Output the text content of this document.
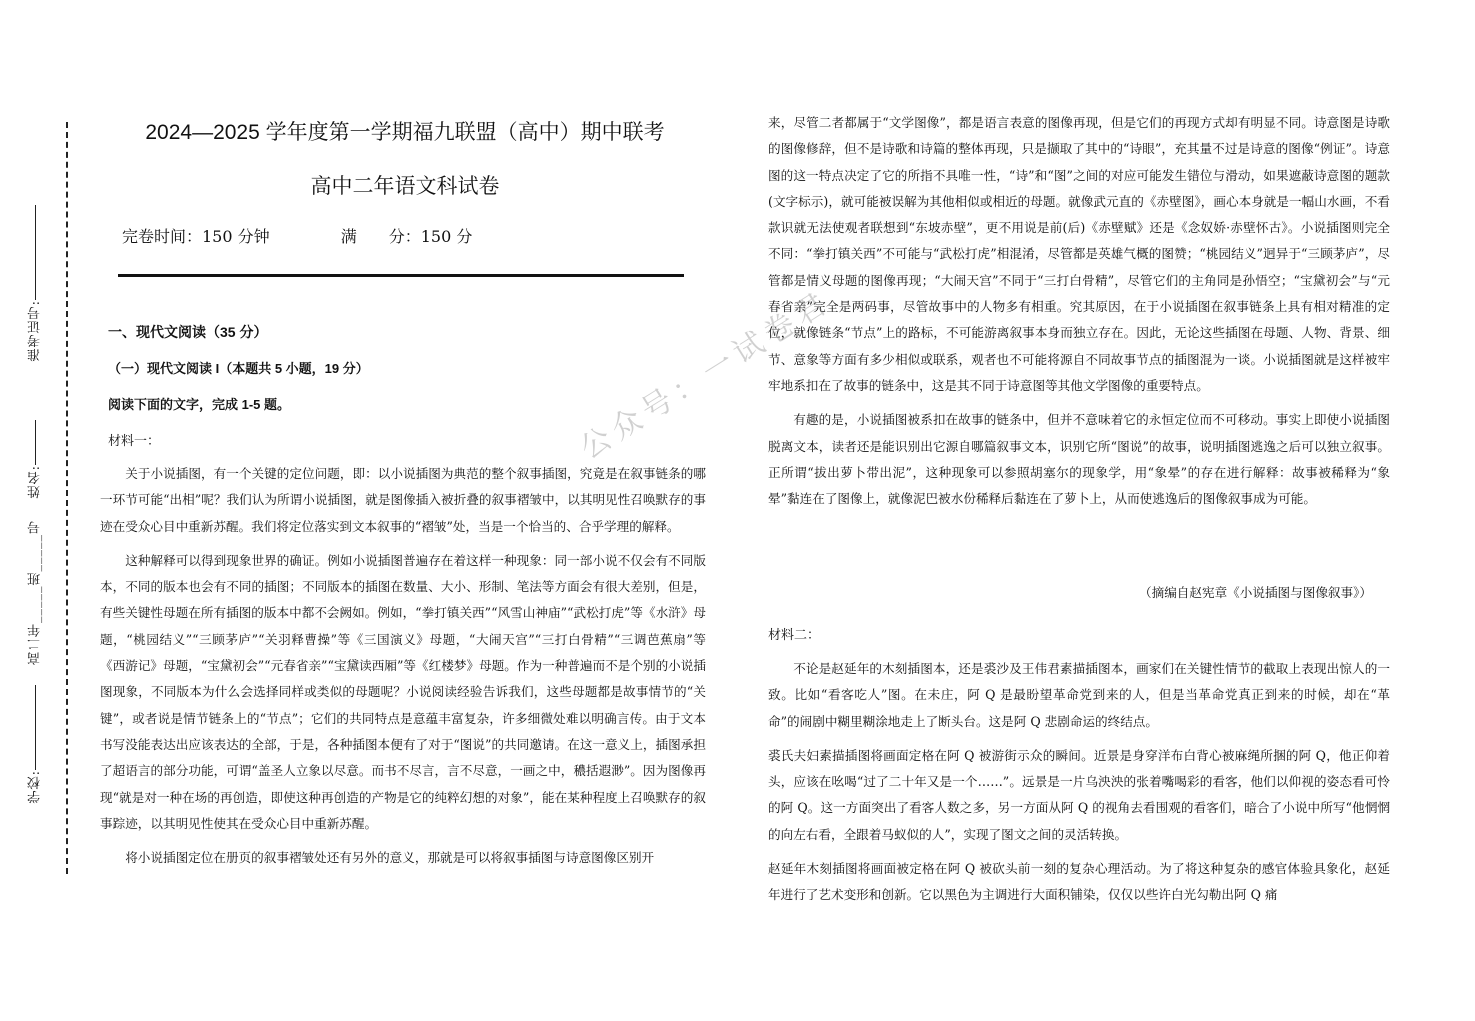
准考证号:
姓名:
高二年_____班_____号
学校:
2024—2025 学年度第一学期福九联盟（高中）期中联考
高中二年语文科试卷
完卷时间：150 分钟	满　　分：150 分
一、现代文阅读（35 分）
（一）现代文阅读 I（本题共 5 小题，19 分）
阅读下面的文字，完成 1-5 题。
材料一：

关于小说插图，有一个关键的定位问题，即：以小说插图为典范的整个叙事插图，究竟是在叙事链条的哪一环节可能“出相”呢？我们认为所谓小说插图，就是图像插入被折叠的叙事褶皱中，以其明见性召唤默存的事迹在受众心目中重新苏醒。我们将定位落实到文本叙事的“褶皱”处，当是一个恰当的、合乎学理的解释。

这种解释可以得到现象世界的确证。例如小说插图普遍存在着这样一种现象：同一部小说不仅会有不同版本，不同的版本也会有不同的插图；不同版本的插图在数量、大小、形制、笔法等方面会有很大差别，但是，有些关键性母题在所有插图的版本中都不会阙如。例如，“拳打镇关西”“风雪山神庙”“武松打虎”等《水浒》母题，“桃园结义”“三顾茅庐”“关羽释曹操”等《三国演义》母题，“大闹天宫”“三打白骨精”“三调芭蕉扇”等《西游记》母题，“宝黛初会”“元春省亲”“宝黛读西厢”等《红楼梦》母题。作为一种普遍而不是个别的小说插图现象，不同版本为什么会选择同样或类似的母题呢？小说阅读经验告诉我们，这些母题都是故事情节的“关键”，或者说是情节链条上的“节点”；它们的共同特点是意蕴丰富复杂，许多细微处难以明确言传。由于文本书写没能表达出应该表达的全部，于是，各种插图本便有了对于“图说”的共同邀请。在这一意义上，插图承担了超语言的部分功能，可谓“盖圣人立象以尽意。而书不尽言，言不尽意，一画之中，穠括遐渺”。因为图像再现“就是对一种在场的再创造，即使这种再创造的产物是它的纯粹幻想的对象”，能在某种程度上召唤默存的叙事踪迹，以其明见性使其在受众心目中重新苏醒。

将小说插图定位在册页的叙事褶皱处还有另外的意义，那就是可以将叙事插图与诗意图像区别开

来，尽管二者都属于“文学图像”，都是语言表意的图像再现，但是它们的再现方式却有明显不同。诗意图是诗歌的图像修辞，但不是诗歌和诗篇的整体再现，只是撷取了其中的“诗眼”，充其量不过是诗意的图像“例证”。诗意图的这一特点决定了它的所指不具唯一性，“诗”和“图”之间的对应可能发生错位与滑动，如果遮蔽诗意图的题款(文字标示)，就可能被误解为其他相似或相近的母题。就像武元直的《赤壁图》，画心本身就是一幅山水画，不看款识就无法使观者联想到“东坡赤壁”，更不用说是前(后)《赤壁赋》还是《念奴娇·赤壁怀古》。小说插图则完全不同：“拳打镇关西”不可能与“武松打虎”相混淆，尽管都是英雄气概的图赞；“桃园结义”迥异于“三顾茅庐”，尽管都是情义母题的图像再现；“大闹天宫”不同于“三打白骨精”，尽管它们的主角同是孙悟空；“宝黛初会”与“元春省亲”完全是两码事，尽管故事中的人物多有相重。究其原因，在于小说插图在叙事链条上具有相对精准的定位，就像链条“节点”上的路标，不可能游离叙事本身而独立存在。因此，无论这些插图在母题、人物、背景、细节、意象等方面有多少相似或联系，观者也不可能将源自不同故事节点的插图混为一谈。小说插图就是这样被牢牢地系扣在了故事的链条中，这是其不同于诗意图等其他文学图像的重要特点。

有趣的是，小说插图被系扣在故事的链条中，但并不意味着它的永恒定位而不可移动。事实上即使小说插图脱离文本，读者还是能识别出它源自哪篇叙事文本，识别它所“图说”的故事，说明插图逃逸之后可以独立叙事。正所谓“拔出萝卜带出泥”，这种现象可以参照胡塞尔的现象学，用“象晕”的存在进行解释：故事被稀释为“象晕”黏连在了图像上，就像泥巴被水份稀释后黏连在了萝卜上，从而使逃逸后的图像叙事成为可能。

（摘编自赵宪章《小说插图与图像叙事》）
材料二：

不论是赵延年的木刻插图本，还是裘沙及王伟君素描插图本，画家们在关键性情节的截取上表现出惊人的一致。比如“看客吃人”图。在未庄，阿 Q 是最盼望革命党到来的人，但是当革命党真正到来的时候，却在“革命”的闹剧中糊里糊涂地走上了断头台。这是阿 Q 悲剧命运的终结点。

裘氏夫妇素描插图将画面定格在阿 Q 被游街示众的瞬间。近景是身穿洋布白背心被麻绳所捆的阿 Q，他正仰着头，应该在吆喝“过了二十年又是一个……”。远景是一片乌泱泱的张着嘴喝彩的看客，他们以仰视的姿态看可怜的阿 Q。这一方面突出了看客人数之多，另一方面从阿 Q 的视角去看围观的看客们，暗合了小说中所写“他惘惘的向左右看，全跟着马蚁似的人”，实现了图文之间的灵活转换。

赵延年木刻插图将画面被定格在阿 Q 被砍头前一刻的复杂心理活动。为了将这种复杂的感官体验具象化，赵延年进行了艺术变形和创新。它以黑色为主调进行大面积铺染，仅仅以些许白光勾勒出阿 Q 痛

公众号：一试卷君
